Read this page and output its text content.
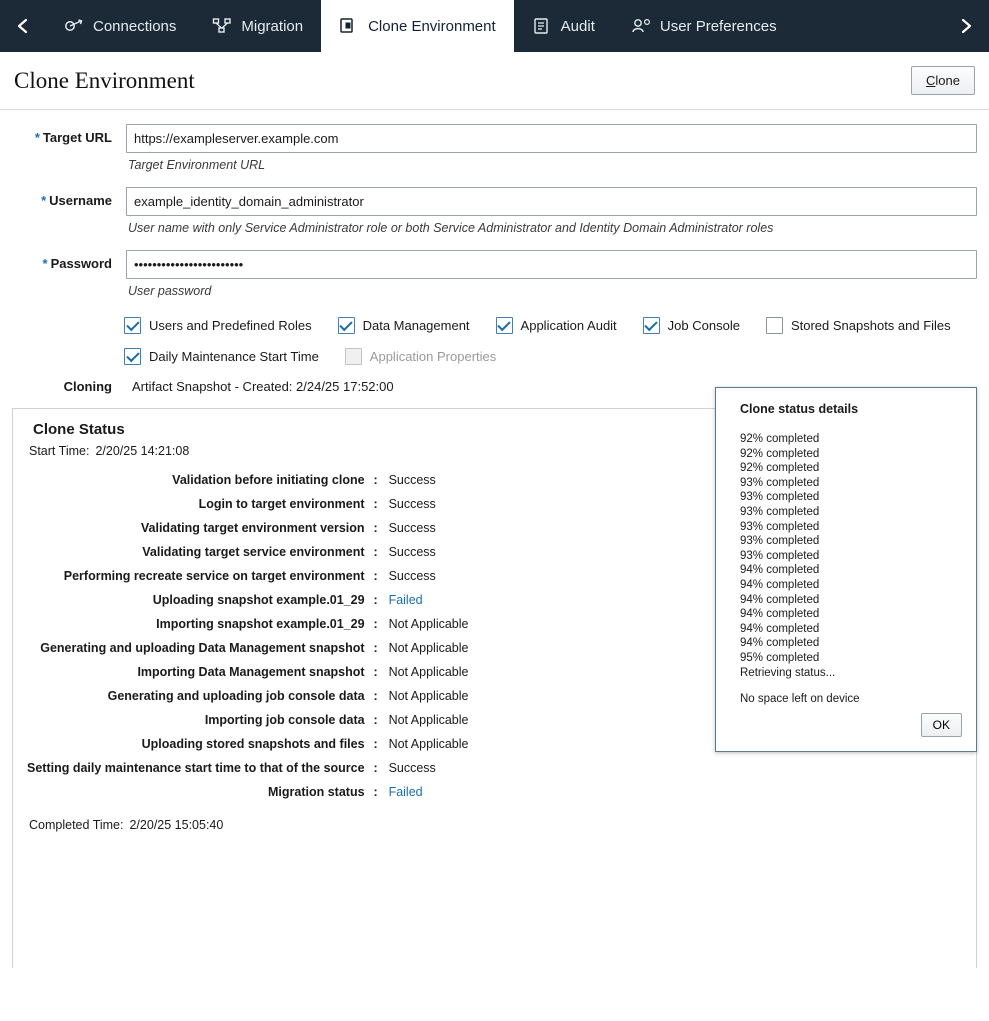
Connections	Migration	Clone Environment	Audit	User Preferences
Clone Environment	Clone
* Target URL
https://exampleserver.example.com
Target Environment URL
* Username
example_identity_domain_administrator
User name with only Service Administrator role or both Service Administrator and Identity Domain Administrator roles
* Password
••••••••••••••••••••••••
User password
Users and Predefined Roles	Data Management	Application Audit	Job Console	Stored Snapshots and Files
Daily Maintenance Start Time	Application Properties
Cloning	Artifact Snapshot - Created: 2/24/25 17:52:00
Clone Status
Start Time: 2/20/25 14:21:08
Validation before initiating clone	:	Success
Login to target environment	:	Success
Validating target environment version	:	Success
Validating target service environment	:	Success
Performing recreate service on target environment	:	Success
Uploading snapshot example.01_29	:	Failed
Importing snapshot example.01_29	:	Not Applicable
Generating and uploading Data Management snapshot	:	Not Applicable
Importing Data Management snapshot	:	Not Applicable
Generating and uploading job console data	:	Not Applicable
Importing job console data	:	Not Applicable
Uploading stored snapshots and files	:	Not Applicable
Setting daily maintenance start time to that of the source	:	Success
Migration status	:	Failed
Completed Time: 2/20/25 15:05:40
Clone status details
92% completed
92% completed
92% completed
93% completed
93% completed
93% completed
93% completed
93% completed
93% completed
94% completed
94% completed
94% completed
94% completed
94% completed
94% completed
95% completed
Retrieving status...
No space left on device
OK
